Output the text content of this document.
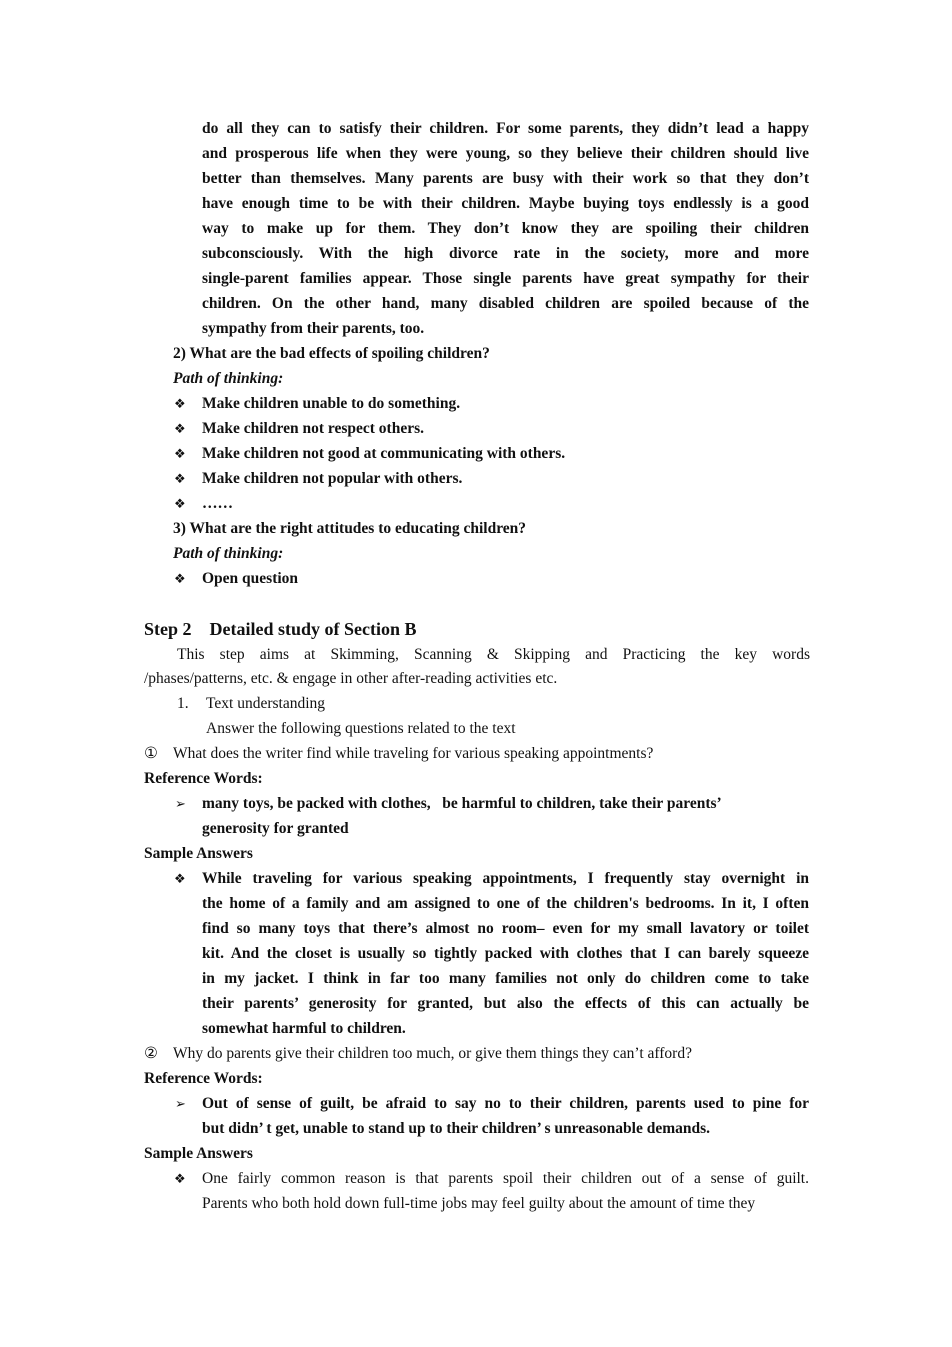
do all they can to satisfy their children. For some parents, they didn’t lead a happy
and prosperous life when they were young, so they believe their children should live
better than themselves. Many parents are busy with their work so that they don’t
have enough time to be with their children. Maybe buying toys endlessly is a good
way to make up for them. They don’t know they are spoiling their children
subconsciously. With the high divorce rate in the society, more and more
single-parent families appear. Those single parents have great sympathy for their
children. On the other hand, many disabled children are spoiled because of the
sympathy from their parents, too.
2) What are the bad effects of spoiling children?
Path of thinking:
❖ Make children unable to do something.
❖ Make children not respect others.
❖ Make children not good at communicating with others.
❖ Make children not popular with others.
❖ ……
3) What are the right attitudes to educating children?
Path of thinking:
❖ Open question
Step 2    Detailed study of Section B
This step aims at Skimming, Scanning & Skipping and Practicing the key words
/phases/patterns, etc. & engage in other after-reading activities etc.
1. Text understanding
Answer the following questions related to the text
① What does the writer find while traveling for various speaking appointments?
Reference Words:
➢ many toys, be packed with clothes,   be harmful to children, take their parents’
generosity for granted
Sample Answers
❖ While traveling for various speaking appointments, I frequently stay overnight in
the home of a family and am assigned to one of the children's bedrooms. In it, I often
find so many toys that there’s almost no room– even for my small lavatory or toilet
kit. And the closet is usually so tightly packed with clothes that I can barely squeeze
in my jacket. I think in far too many families not only do children come to take
their parents’ generosity for granted, but also the effects of this can actually be
somewhat harmful to children.
② Why do parents give their children too much, or give them things they can’t afford?
Reference Words:
➢ Out of sense of guilt, be afraid to say no to their children, parents used to pine for
but didn’ t get, unable to stand up to their children’ s unreasonable demands.
Sample Answers
❖ One fairly common reason is that parents spoil their children out of a sense of guilt.
Parents who both hold down full-time jobs may feel guilty about the amount of time they
